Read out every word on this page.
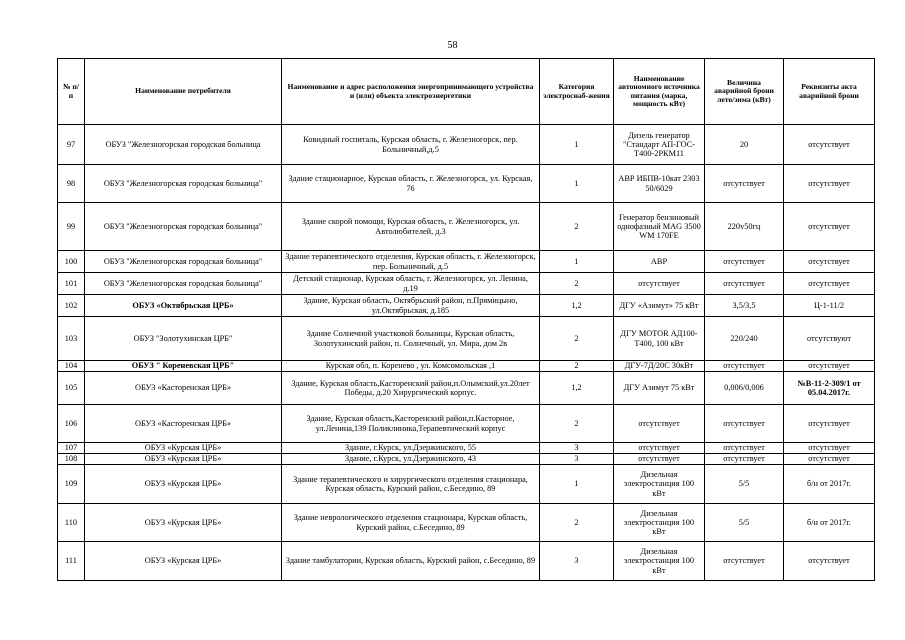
58
№ п/п	Наименование потребителя	Наименование и адрес расположения энергопринимающего устройства и (или) объекта электроэнергетики	Категория электроснаб-жения	Наименование автономного источника питания (марка, мощность кВт)	Величина аварийной брони лето/зима (кВт)	Реквизиты акта аварийной брони
97	ОБУЗ "Железногорская городская больница	Ковидный госпиталь, Курская область, г. Железногорск, пер. Больничный,д.5	1	Дизель генератор "Стандарт АП-ГОС-Т400-2РКМ11	20	отсутствует
98	ОБУЗ "Железногорская городская больница"	Здание стационарное, Курская область, г. Железногорск, ул. Курская, 76	1	АВР ИБПВ-10кат 2303 50/6029	отсутствует	отсутствует
99	ОБУЗ "Железногорская городская больница"	Здание скорой помощи, Курская область, г. Железногорск, ул. Автолюбителей, д.3	2	Генератор бензиновый однофазный MAG 3500 WM 170FE	220v50гц	отсутствует
100	ОБУЗ "Железногорская городская больница"	Здание терапевтического отделения, Курская область, г. Железногорск, пер. Больничный, д.5	1	АВР	отсутствует	отсутствует
101	ОБУЗ "Железногорская городская больница"	Детский стационар, Курская область, г. Железногорск, ул. Ленина, д.19	2	отсутствует	отсутствует	отсутствует
102	ОБУЗ «Октябрьская ЦРБ»	Здание, Курская область, Октябрьский район, п.Прямицыно, ул.Октябрьская, д.185	1,2	ДГУ «Азимут» 75 кВт	3,5/3,5	Ц-1-11/2
103	ОБУЗ "Золотухинская ЦРБ"	Здание Солнечной участковой больницы, Курская область, Золотухинский район, п. Солнечный, ул. Мира, дом 2в	2	ДГУ MOTOR АД100-Т400, 100 кВт	220/240	отсутствуют
104	ОБУЗ " Кореневская ЦРБ"	Курская обл, п. Коренево , ул. Комсомольская ,1	2	ДГУ-7Д/20С 30кВт	отсутствует	отсутствует
105	ОБУЗ «Касторенская ЦРБ»	Здание, Курская область,Касторенский район,п.Олымский,ул.20лет Победы, д.20 Хирургический корпус.	1,2	ДГУ Азимут 75 кВт	0,006/0,006	№В-11-2-309/1 от 05.04.2017г.
106	ОБУЗ «Касторенская ЦРБ»	Здание, Курская область,Касторенский район,п.Касторное, ул.Ленина,139 Поликлиника,Терапевтический корпус	2	отсутствует	отсутствует	отсутствует
107	ОБУЗ «Курская ЦРБ»	Здание, г.Курск, ул.Дзержинского, 55	3	отсутствует	отсутствует	отсутствует
108	ОБУЗ «Курская ЦРБ»	Здание, г.Курск, ул.Дзержинского, 43	3	отсутствует	отсутствует	отсутствует
109	ОБУЗ «Курская ЦРБ»	Здание терапевтического и хирургического отделения стационара, Курская область, Курский район, с.Беседино, 89	1	Дизельная электростанция 100 кВт	5/5	б/н от 2017г.
110	ОБУЗ «Курская ЦРБ»	Здание неврологического отделения стационара, Курская область, Курский район, с.Беседино, 89	2	Дизельная электростанция 100 кВт	5/5	б/н от 2017г.
111	ОБУЗ «Курская ЦРБ»	Здание тамбулатории, Курская область, Курский район, с.Беседино, 89	3	Дизельная электростанция 100 кВт	отсутствует	отсутствует
